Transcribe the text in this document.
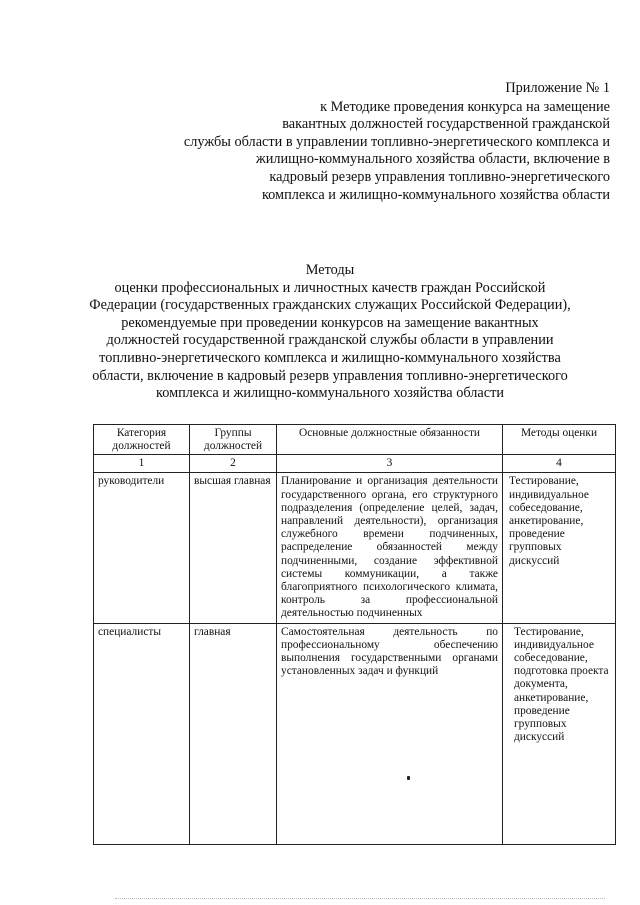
Приложение № 1
к Методике проведения конкурса на замещение
вакантных должностей государственной гражданской
службы области в управлении топливно-энергетического комплекса и
жилищно-коммунального хозяйства области, включение в
кадровый резерв управления топливно-энергетического
комплекса и жилищно-коммунального хозяйства области
Методы
оценки профессиональных и личностных качеств граждан Российской
Федерации (государственных гражданских служащих Российской Федерации),
рекомендуемые при проведении конкурсов на замещение вакантных
должностей государственной гражданской службы области в управлении
топливно-энергетического комплекса и жилищно-коммунального хозяйства
области, включение в кадровый резерв управления топливно-энергетического
комплекса и жилищно-коммунального хозяйства области
Категория должностей	Группы должностей	Основные должностные обязанности	Методы оценки
1	2	3	4
руководители	высшая главная	Планирование и организация деятельности государственного органа, его структурного подразделения (определение целей, задач, направлений деятельности), организация служебного времени подчиненных, распределение обязанностей между подчиненными, создание эффективной системы коммуникации, а также благоприятного психологического климата, контроль за профессиональной деятельностью подчиненных	Тестирование, индивидуальное собеседование, анкетирование, проведение групповых дискуссий
специалисты	главная	Самостоятельная деятельность по профессиональному обеспечению выполнения государственными органами установленных задач и функций	Тестирование, индивидуальное собеседование, подготовка проекта документа, анкетирование, проведение групповых дискуссий
